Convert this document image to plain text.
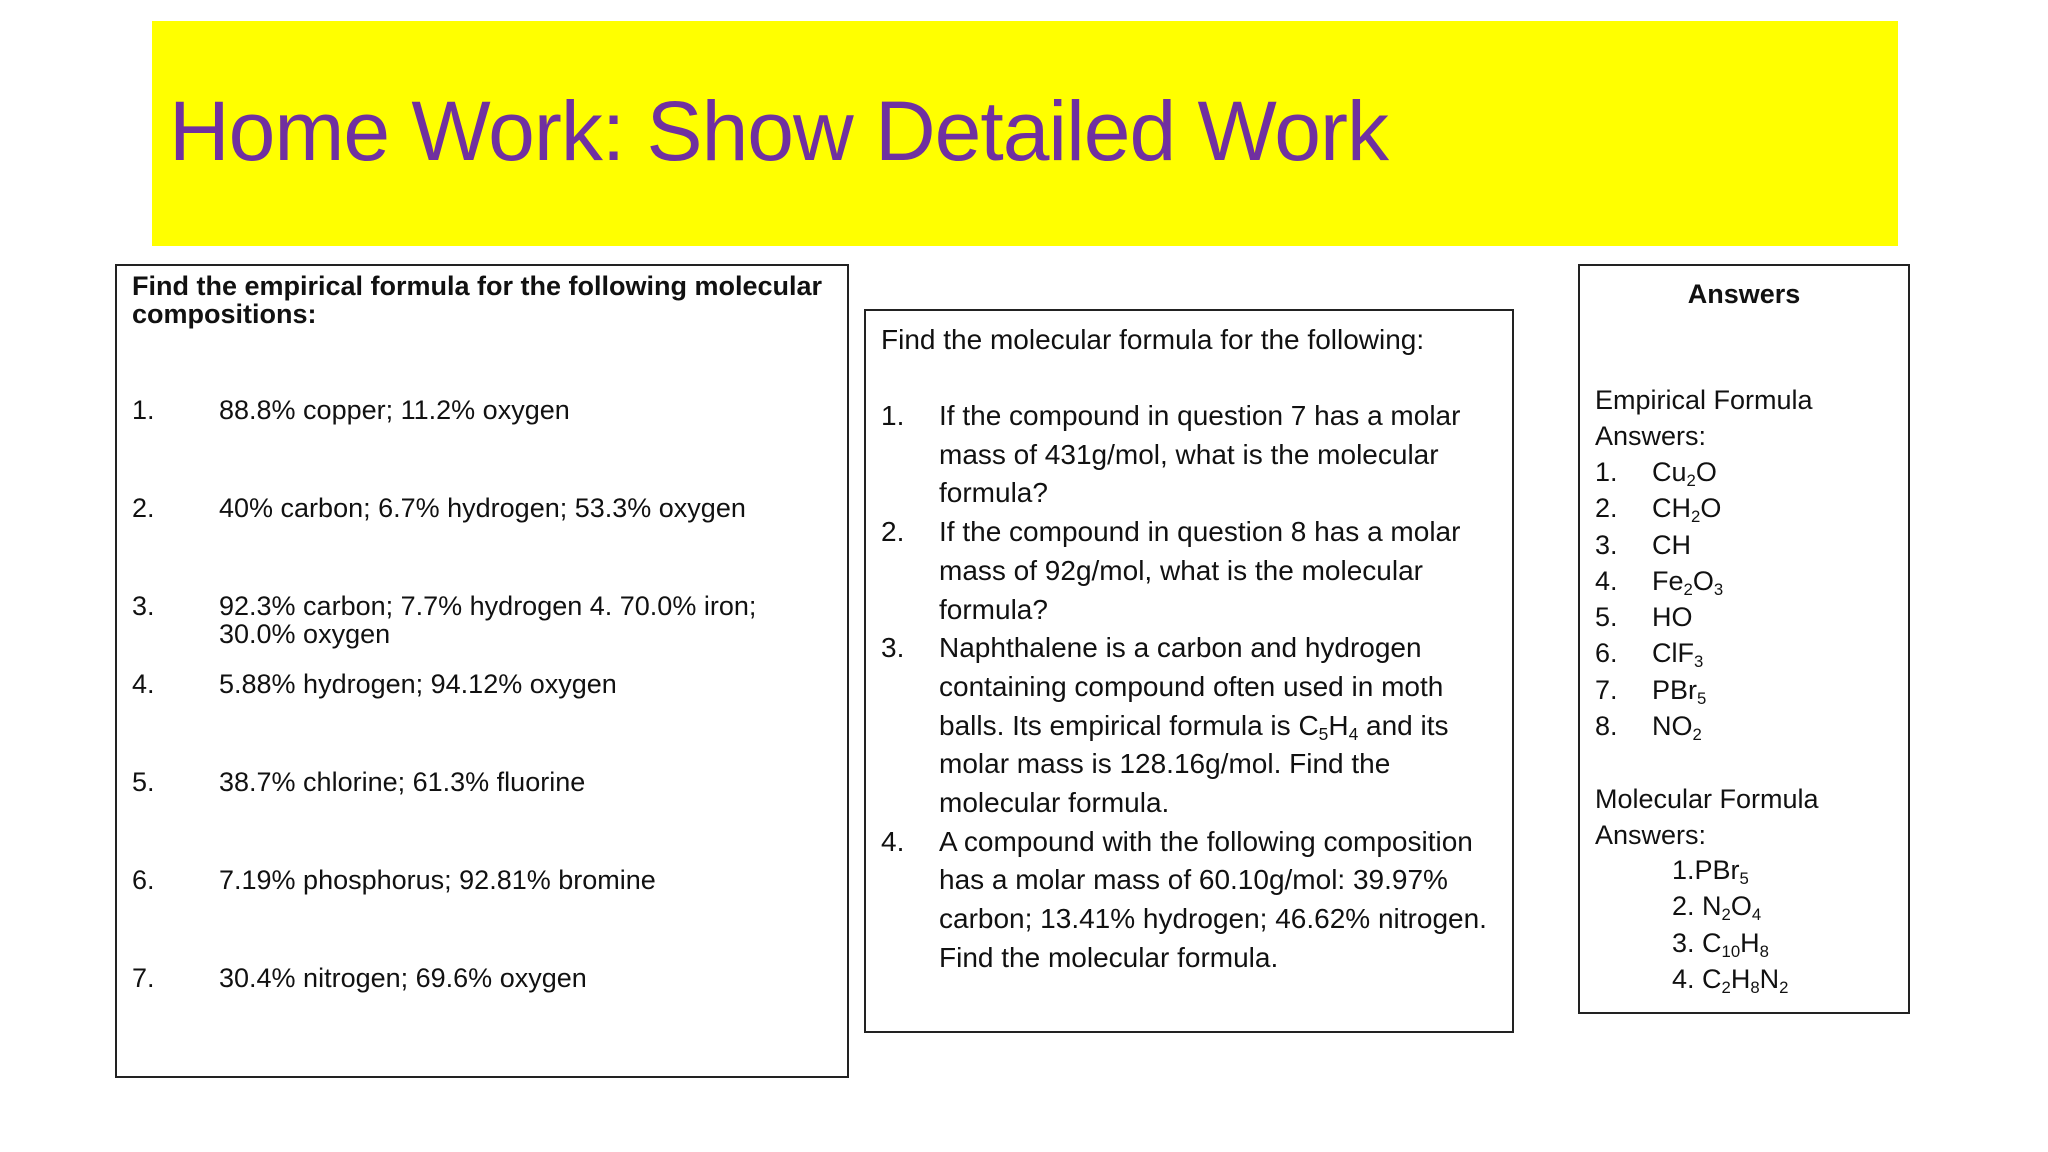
Home Work: Show Detailed Work
Find the empirical formula for the following molecular compositions:
1. 88.8% copper; 11.2% oxygen
2. 40% carbon; 6.7% hydrogen; 53.3% oxygen
3. 92.3% carbon; 7.7% hydrogen 4. 70.0% iron; 30.0% oxygen
4. 5.88% hydrogen; 94.12% oxygen
5. 38.7% chlorine; 61.3% fluorine
6. 7.19% phosphorus; 92.81% bromine
7. 30.4% nitrogen; 69.6% oxygen
Find the molecular formula for the following:
1. If the compound in question 7 has a molar mass of 431g/mol, what is the molecular formula?
2. If the compound in question 8 has a molar mass of 92g/mol, what is the molecular formula?
3. Naphthalene is a carbon and hydrogen containing compound often used in moth balls. Its empirical formula is $C_5H_4$ and its molar mass is 128.16g/mol. Find the molecular formula.
4. A compound with the following composition has a molar mass of 60.10g/mol: 39.97% carbon; 13.41% hydrogen; 46.62% nitrogen. Find the molecular formula.
Answers
Empirical Formula Answers:
1. $Cu_2O$
2. $CH_2O$
3. CH
4. $Fe_2O_3$
5. HO
6. ClF$_3$
7. PBr$_5$
8. $NO_2$
Molecular Formula Answers:
1.PBr$_5$
2. $N_2O_4$
3. $C_{10}H_8$
4. $C_2H_8N_2$
